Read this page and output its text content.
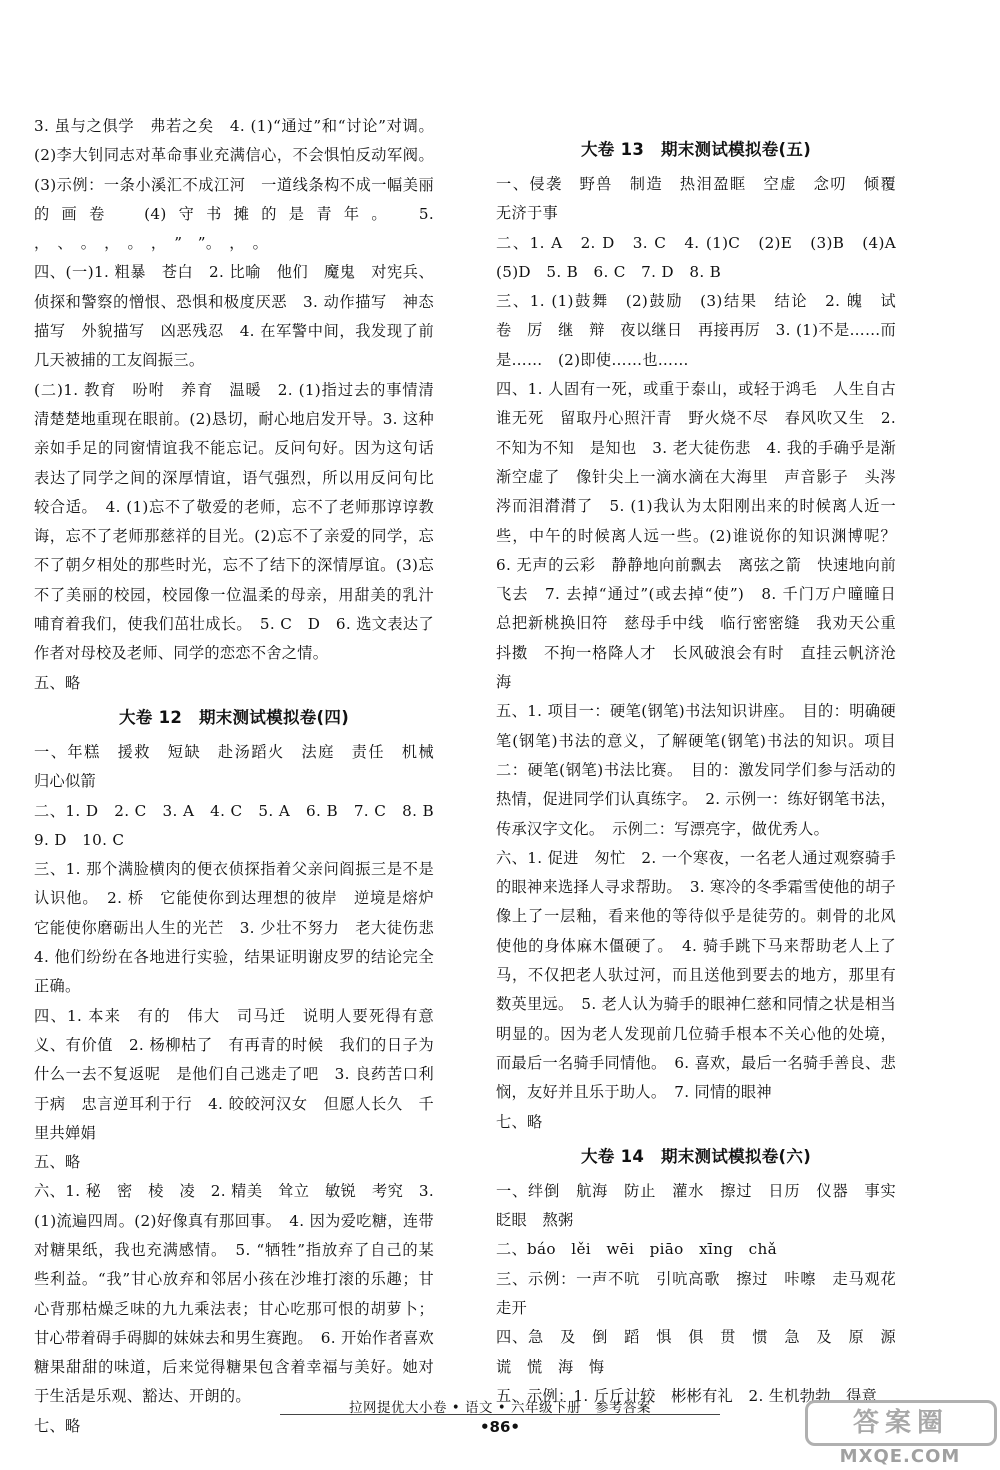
3. 虽与之俱学　弗若之矣　4. (1)“通过”和“讨论”对调。(2)李大钊同志对革命事业充满信心，不会惧怕反动军阀。(3)示例：一条小溪汇不成江河　一道线条构不成一幅美丽的画卷　(4)守书摊的是青年。　5. ，　、　。　，　。　，　”　”。　，　。
四、(一)1. 粗暴　苍白　2. 比喻　他们　魔鬼　对宪兵、侦探和警察的憎恨、恐惧和极度厌恶　3. 动作描写　神态描写　外貌描写　凶恶残忍　4. 在军警中间，我发现了前几天被捕的工友阎振三。
(二)1. 教育　吩咐　养育　温暖　2. (1)指过去的事情清清楚楚地重现在眼前。(2)恳切，耐心地启发开导。3. 这种亲如手足的同窗情谊我不能忘记。反问句好。因为这句话表达了同学之间的深厚情谊，语气强烈，所以用反问句比较合适。　4. (1)忘不了敬爱的老师，忘不了老师那谆谆教诲，忘不了老师那慈祥的目光。(2)忘不了亲爱的同学，忘不了朝夕相处的那些时光，忘不了结下的深情厚谊。(3)忘不了美丽的校园，校园像一位温柔的母亲，用甜美的乳汁哺育着我们，使我们茁壮成长。　5. C　D　6. 选文表达了作者对母校及老师、同学的恋恋不舍之情。
五、略
大卷 12　期末测试模拟卷(四)
一、年糕　援救　短缺　赴汤蹈火　法庭　责任　机械　归心似箭
二、1. D　2. C　3. A　4. C　5. A　6. B　7. C　8. B　9. D　10. C
三、1. 那个满脸横肉的便衣侦探指着父亲问阎振三是不是认识他。　2. 桥　它能使你到达理想的彼岸　逆境是熔炉　它能使你磨砺出人生的光芒　3. 少壮不努力　老大徒伤悲　4. 他们纷纷在各地进行实验，结果证明谢皮罗的结论完全正确。
四、1. 本来　有的　伟大　司马迁　说明人要死得有意义、有价值　2. 杨柳枯了　有再青的时候　我们的日子为什么一去不复返呢　是他们自己逃走了吧　3. 良药苦口利于病　忠言逆耳利于行　4. 皎皎河汉女　但愿人长久　千里共婵娟
五、略
六、1. 秘　密　棱　凌　2. 精美　耸立　敏锐　考究　3. (1)流遍四周。(2)好像真有那回事。　4. 因为爱吃糖，连带对糖果纸，我也充满感情。　5. “牺牲”指放弃了自己的某些利益。“我”甘心放弃和邻居小孩在沙堆打滚的乐趣；甘心背那枯燥乏味的九九乘法表；甘心吃那可恨的胡萝卜；甘心带着碍手碍脚的妹妹去和男生赛跑。　6. 开始作者喜欢糖果甜甜的味道，后来觉得糖果包含着幸福与美好。她对于生活是乐观、豁达、开朗的。
七、略
大卷 13　期末测试模拟卷(五)
一、侵袭　野兽　制造　热泪盈眶　空虚　念叨　倾覆　无济于事
二、1. A　2. D　3. C　4. (1)C　(2)E　(3)B　(4)A　(5)D　5. B　6. C　7. D　8. B
三、1. (1)鼓舞　(2)鼓励　(3)结果　结论　2. 魄　试　卷　厉　继　辩　夜以继日　再接再厉　3. (1)不是……而是……　(2)即使……也……
四、1. 人固有一死，或重于泰山，或轻于鸿毛　人生自古谁无死　留取丹心照汗青　野火烧不尽　春风吹又生　2. 不知为不知　是知也　3. 老大徒伤悲　4. 我的手确乎是渐渐空虚了　像针尖上一滴水滴在大海里　声音影子　头涔涔而泪潸潸了　5. (1)我认为太阳刚出来的时候离人近一些，中午的时候离人远一些。(2)谁说你的知识渊博呢？　6. 无声的云彩　静静地向前飘去　离弦之箭　快速地向前飞去　7. 去掉“通过”(或去掉“使”)　8. 千门万户曈曈日　总把新桃换旧符　慈母手中线　临行密密缝　我劝天公重抖擞　不拘一格降人才　长风破浪会有时　直挂云帆济沧海
五、1. 项目一：硬笔(钢笔)书法知识讲座。　目的：明确硬笔(钢笔)书法的意义，了解硬笔(钢笔)书法的知识。项目二：硬笔(钢笔)书法比赛。　目的：激发同学们参与活动的热情，促进同学们认真练字。　2. 示例一：练好钢笔书法，传承汉字文化。　示例二：写漂亮字，做优秀人。
六、1. 促进　匆忙　2. 一个寒夜，一名老人通过观察骑手的眼神来选择人寻求帮助。　3. 寒冷的冬季霜雪使他的胡子像上了一层釉，看来他的等待似乎是徒劳的。刺骨的北风使他的身体麻木僵硬了。　4. 骑手跳下马来帮助老人上了马，不仅把老人驮过河，而且送他到要去的地方，那里有数英里远。　5. 老人认为骑手的眼神仁慈和同情之状是相当明显的。因为老人发现前几位骑手根本不关心他的处境，而最后一名骑手同情他。　6. 喜欢，最后一名骑手善良、悲悯，友好并且乐于助人。　7. 同情的眼神
七、略
大卷 14　期末测试模拟卷(六)
一、绊倒　航海　防止　灌水　擦过　日历　仪器　事实　眨眼　熬粥
二、báo　lěi　wēi　piāo　xīng　chǎ
三、示例：一声不吭　引吭高歌　擦过　咔嚓　走马观花　走开
四、急　及　倒　蹈　惧　俱　贯　惯　急　及　原　源　谎　慌　海　悔
五、示例：1. 斤斤计较　彬彬有礼　2. 生机勃勃　得意
拉网提优大小卷 • 语文 • 六年级下册　参考答案
•86•	答案圈
MXQE.COM
